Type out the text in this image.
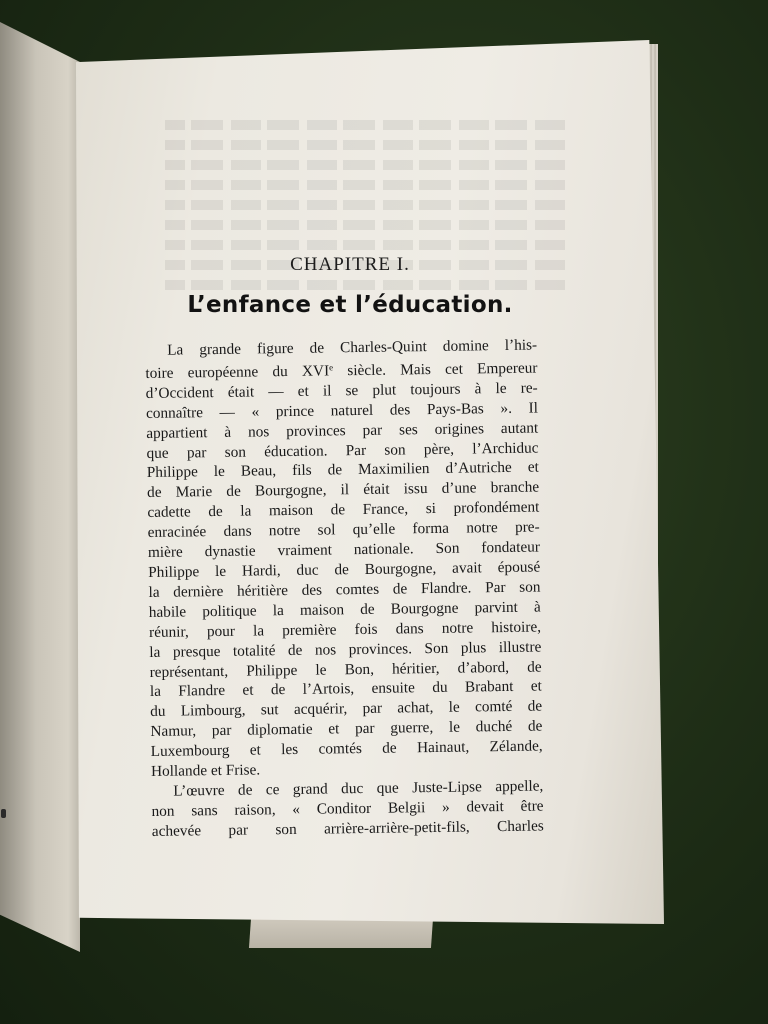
CHAPITRE I.
L’enfance et l’éducation.
La grande figure de Charles-Quint domine l’his-
toire européenne du XVIe siècle. Mais cet Empereur
d’Occident était — et il se plut toujours à le re-
connaître — « prince naturel des Pays-Bas ». Il
appartient à nos provinces par ses origines autant
que par son éducation. Par son père, l’Archiduc
Philippe le Beau, fils de Maximilien d’Autriche et
de Marie de Bourgogne, il était issu d’une branche
cadette de la maison de France, si profondément
enracinée dans notre sol qu’elle forma notre pre-
mière dynastie vraiment nationale. Son fondateur
Philippe le Hardi, duc de Bourgogne, avait épousé
la dernière héritière des comtes de Flandre. Par son
habile politique la maison de Bourgogne parvint à
réunir, pour la première fois dans notre histoire,
la presque totalité de nos provinces. Son plus illustre
représentant, Philippe le Bon, héritier, d’abord, de
la Flandre et de l’Artois, ensuite du Brabant et
du Limbourg, sut acquérir, par achat, le comté de
Namur, par diplomatie et par guerre, le duché de
Luxembourg et les comtés de Hainaut, Zélande,
Hollande et Frise.
L’œuvre de ce grand duc que Juste-Lipse appelle,
non sans raison, « Conditor Belgii » devait être
achevée par son arrière-arrière-petit-fils, Charles
